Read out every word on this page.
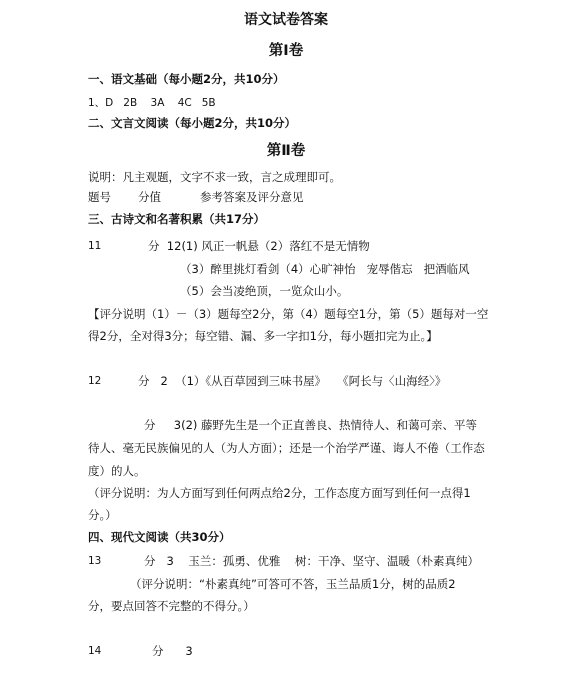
语文试卷答案
第Ⅰ卷
一、语文基础（每小题2分，共10分）
1、D   2B    3A    4C   5B
二、文言文阅读（每小题2分，共10分）
第Ⅱ卷
说明：凡主观题，文字不求一致，言之成理即可。
题号 分值	参考答案及评分意见
三、古诗文和名著积累（共17分）
11	分  12(1) 风正一帆悬（2）落红不是无情物
（3）醉里挑灯看剑（4）心旷神怡   宠辱偕忘   把酒临风
（5）会当凌绝顶，一览众山小。
【评分说明（1）－（3）题每空2分，第（4）题每空1分，第（5）题每对一空
得2分，全对得3分；每空错、漏、多一字扣1分，每小题扣完为止。】
12	分   2  （1）《从百草园到三味书屋》   《阿长与〈山海经〉》
分     3(2) 藤野先生是一个正直善良、热情待人、和蔼可亲、平等
待人、毫无民族偏见的人（为人方面）；还是一个治学严谨、诲人不倦（工作态
度）的人。
（评分说明：为人方面写到任何两点给2分，工作态度方面写到任何一点得1
分。）
四、现代文阅读（共30分）
13	分   3    玉兰：孤勇、优雅    树：干净、坚守、温暖（朴素真纯）
（评分说明：“朴素真纯”可答可不答，玉兰品质1分，树的品质2
分，要点回答不完整的不得分。）
14	分      3
